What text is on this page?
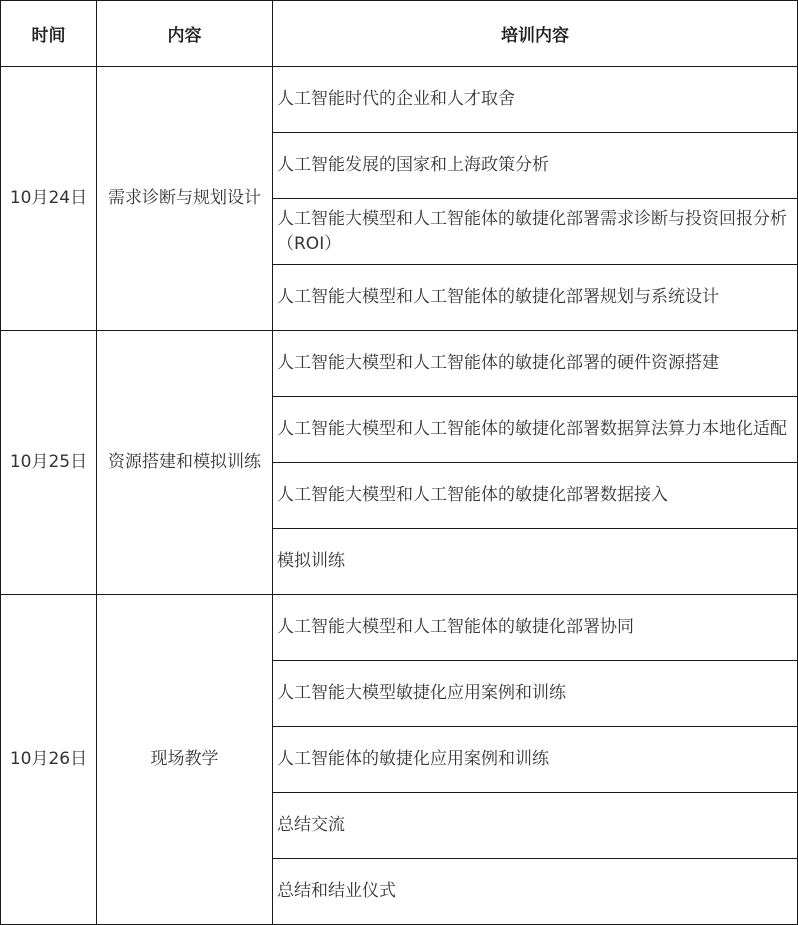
时间	内容	培训内容
10月24日	需求诊断与规划设计	人工智能时代的企业和人才取舍
		人工智能发展的国家和上海政策分析
		人工智能大模型和人工智能体的敏捷化部署需求诊断与投资回报分析（ROI）
		人工智能大模型和人工智能体的敏捷化部署规划与系统设计
10月25日	资源搭建和模拟训练	人工智能大模型和人工智能体的敏捷化部署的硬件资源搭建
		人工智能大模型和人工智能体的敏捷化部署数据算法算力本地化适配
		人工智能大模型和人工智能体的敏捷化部署数据接入
		模拟训练
10月26日	现场教学	人工智能大模型和人工智能体的敏捷化部署协同
		人工智能大模型敏捷化应用案例和训练
		人工智能体的敏捷化应用案例和训练
		总结交流
		总结和结业仪式
